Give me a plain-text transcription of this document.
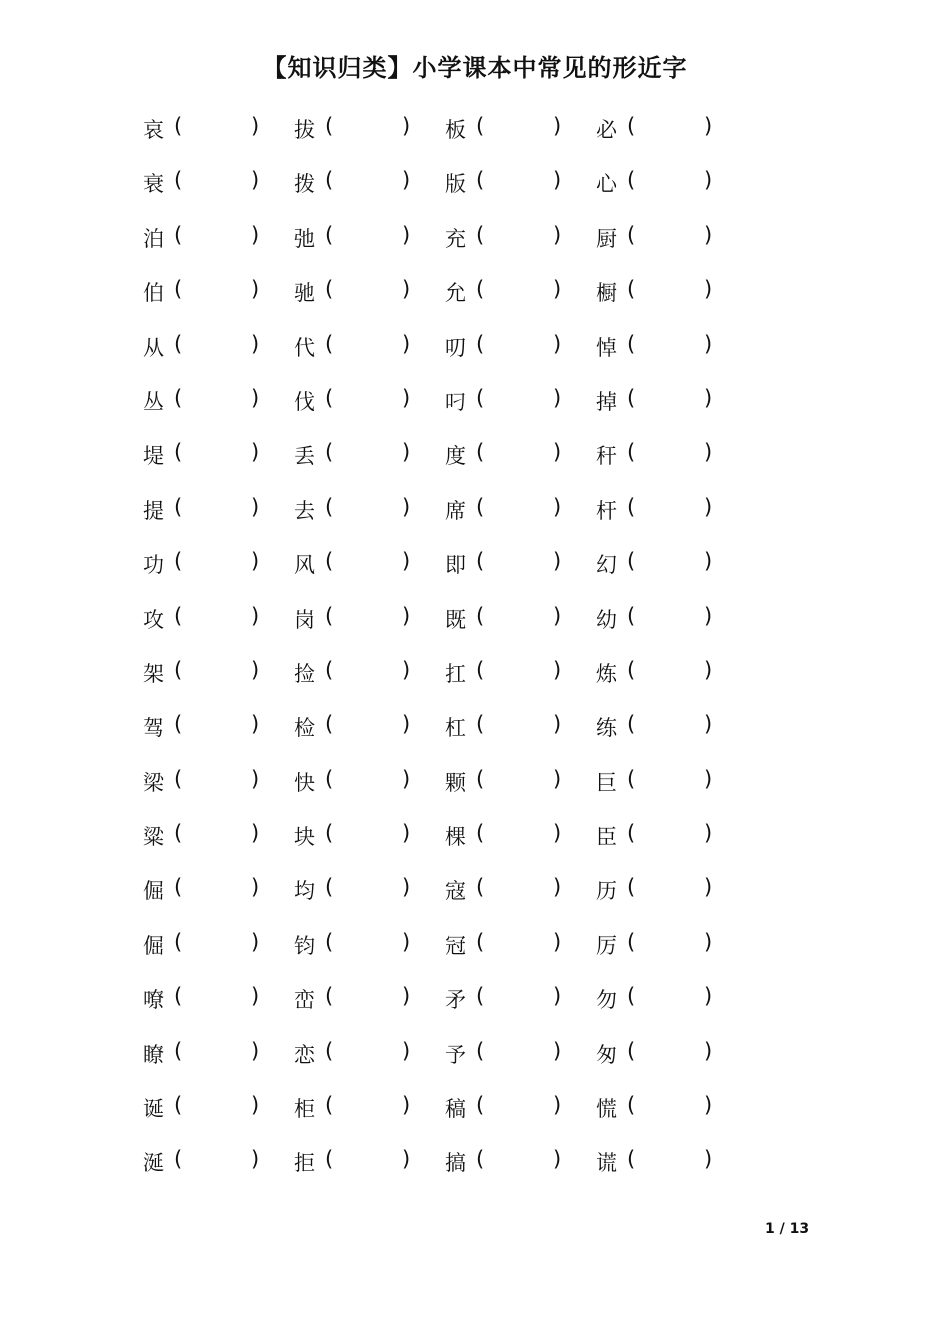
【知识归类】小学课本中常见的形近字
哀 (	) 拔 (	) 板 (	) 必 (	)
衰 (	) 拨 (	) 版 (	) 心 (	)
泊 (	) 弛 (	) 充 (	) 厨 (	)
伯 (	) 驰 (	) 允 (	) 橱 (	)
从 (	) 代 (	) 叨 (	) 悼 (	)
丛 (	) 伐 (	) 叼 (	) 掉 (	)
堤 (	) 丢 (	) 度 (	) 秆 (	)
提 (	) 去 (	) 席 (	) 杆 (	)
功 (	) 风 (	) 即 (	) 幻 (	)
攻 (	) 岗 (	) 既 (	) 幼 (	)
架 (	) 捡 (	) 扛 (	) 炼 (	)
驾 (	) 检 (	) 杠 (	) 练 (	)
梁 (	) 快 (	) 颗 (	) 巨 (	)
粱 (	) 块 (	) 棵 (	) 臣 (	)
倔 (	) 均 (	) 寇 (	) 历 (	)
倔 (	) 钧 (	) 冠 (	) 厉 (	)
嘹 (	) 峦 (	) 矛 (	) 勿 (	)
瞭 (	) 恋 (	) 予 (	) 匆 (	)
诞 (	) 柜 (	) 稿 (	) 慌 (	)
涎 (	) 拒 (	) 搞 (	) 谎 (	)
1 / 13
